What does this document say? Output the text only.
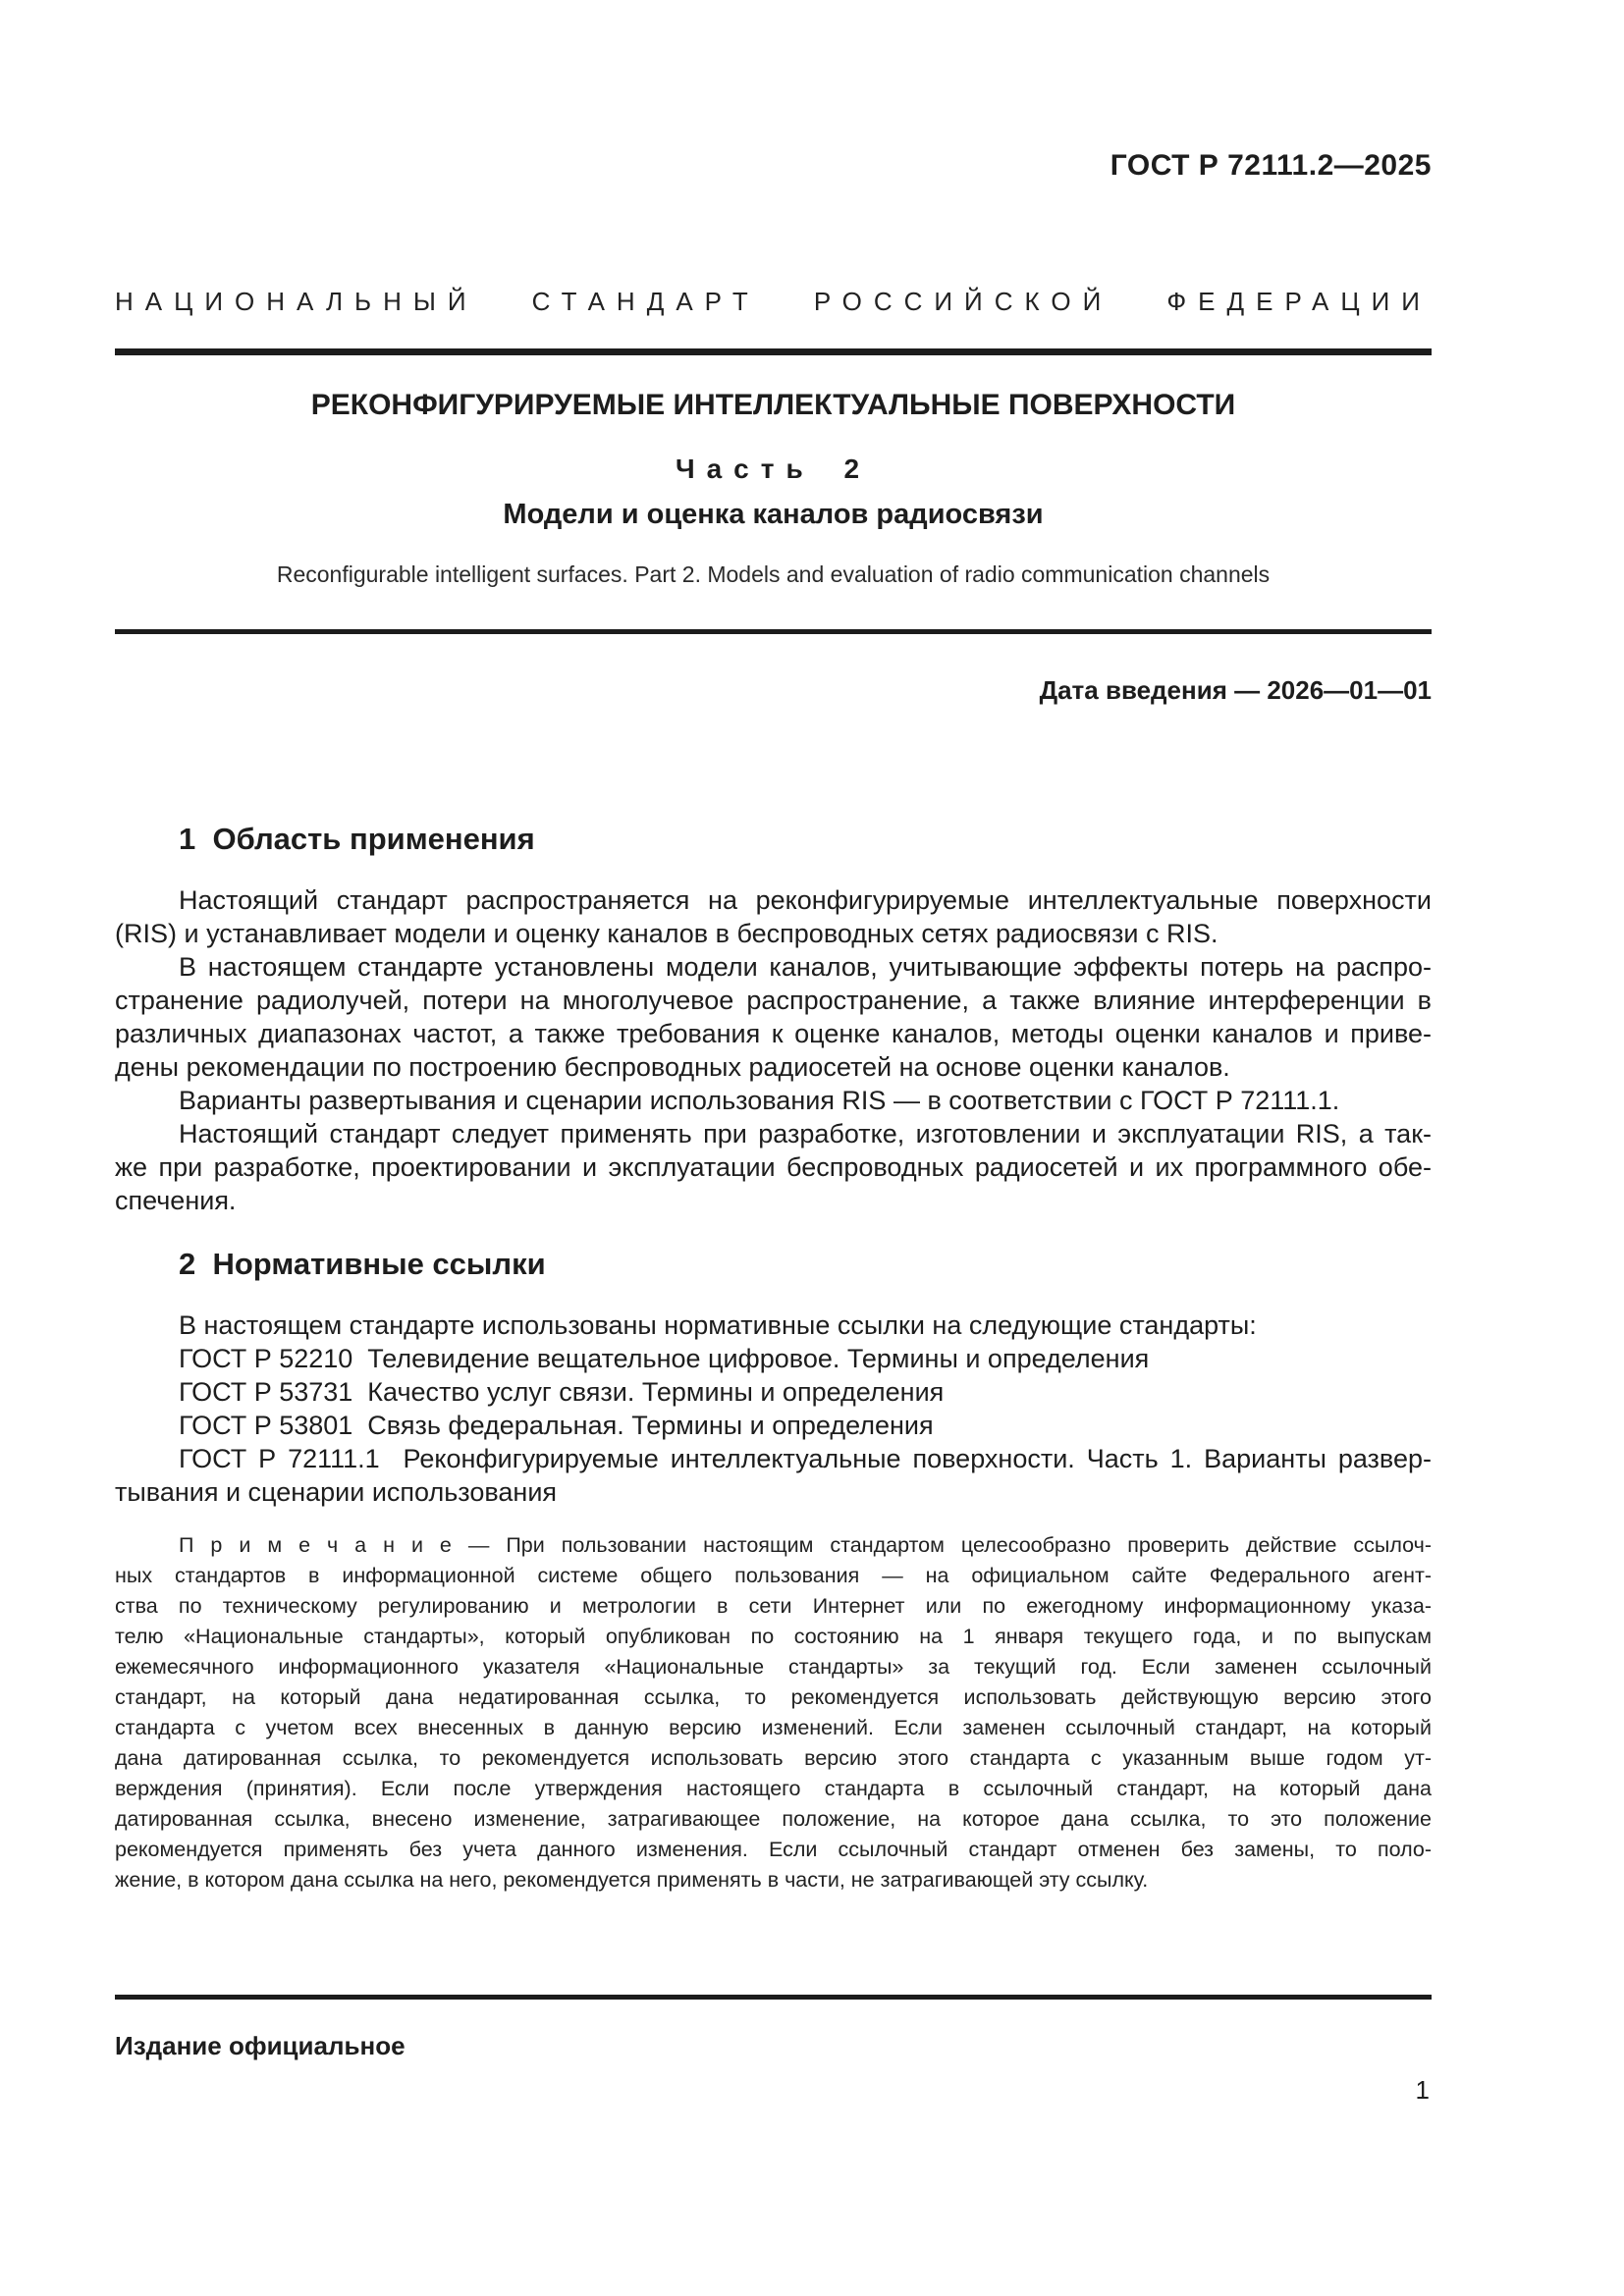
ГОСТ Р 72111.2—2025
НАЦИОНАЛЬНЫЙ СТАНДАРТ РОССИЙСКОЙ ФЕДЕРАЦИИ
РЕКОНФИГУРИРУЕМЫЕ ИНТЕЛЛЕКТУАЛЬНЫЕ ПОВЕРХНОСТИ
Часть 2
Модели и оценка каналов радиосвязи
Reconfigurable intelligent surfaces. Part 2. Models and evaluation of radio communication channels
Дата введения — 2026—01—01
1  Область применения
Настоящий стандарт распространяется на реконфигурируемые интеллектуальные поверхности
(RIS) и устанавливает модели и оценку каналов в беспроводных сетях радиосвязи с RIS.
В настоящем стандарте установлены модели каналов, учитывающие эффекты потерь на распро-
странение радиолучей, потери на многолучевое распространение, а также влияние интерференции в
различных диапазонах частот, а также требования к оценке каналов, методы оценки каналов и приве-
дены рекомендации по построению беспроводных радиосетей на основе оценки каналов.
Варианты развертывания и сценарии использования RIS — в соответствии с ГОСТ Р 72111.1.
Настоящий стандарт следует применять при разработке, изготовлении и эксплуатации RIS, а так-
же при разработке, проектировании и эксплуатации беспроводных радиосетей и их программного обе-
спечения.
2  Нормативные ссылки
В настоящем стандарте использованы нормативные ссылки на следующие стандарты:
ГОСТ Р 52210  Телевидение вещательное цифровое. Термины и определения
ГОСТ Р 53731  Качество услуг связи. Термины и определения
ГОСТ Р 53801  Связь федеральная. Термины и определения
ГОСТ Р 72111.1  Реконфигурируемые интеллектуальные поверхности. Часть 1. Варианты развер-
тывания и сценарии использования
П р и м е ч а н и е — При пользовании настоящим стандартом целесообразно проверить действие ссылоч-
ных стандартов в информационной системе общего пользования — на официальном сайте Федерального агент-
ства по техническому регулированию и метрологии в сети Интернет или по ежегодному информационному указа-
телю «Национальные стандарты», который опубликован по состоянию на 1 января текущего года, и по выпускам
ежемесячного информационного указателя «Национальные стандарты» за текущий год. Если заменен ссылочный
стандарт, на который дана недатированная ссылка, то рекомендуется использовать действующую версию этого
стандарта с учетом всех внесенных в данную версию изменений. Если заменен ссылочный стандарт, на который
дана датированная ссылка, то рекомендуется использовать версию этого стандарта с указанным выше годом ут-
верждения (принятия). Если после утверждения настоящего стандарта в ссылочный стандарт, на который дана
датированная ссылка, внесено изменение, затрагивающее положение, на которое дана ссылка, то это положение
рекомендуется применять без учета данного изменения. Если ссылочный стандарт отменен без замены, то поло-
жение, в котором дана ссылка на него, рекомендуется применять в части, не затрагивающей эту ссылку.
Издание официальное
1
